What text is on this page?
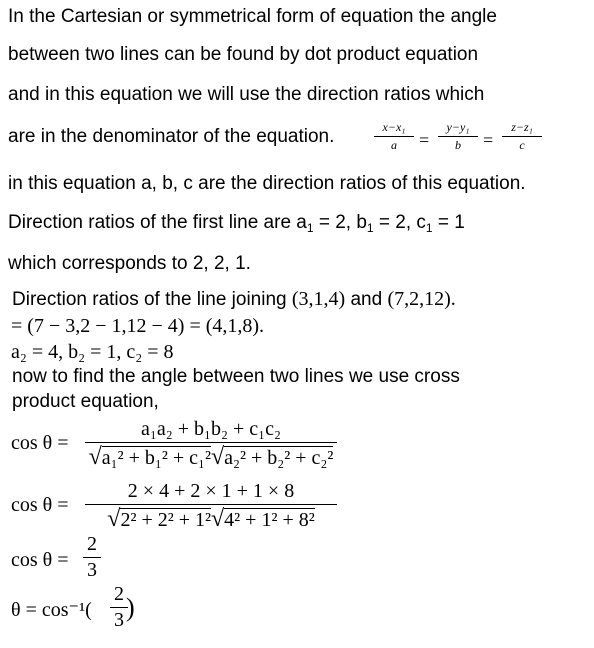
In the Cartesian or symmetrical form of equation the angle
between two lines can be found by dot product equation
and in this equation we will use the direction ratios which
are in the denominator of the equation.	x−x₁
a	=
y−y₁
b	=
z−z₁
c
in this equation a, b, c are the direction ratios of this equation.
Direction ratios of the first line are $a_1 = 2$, $b_1 = 2$, $c_1 = 1$
which corresponds to 2, 2, 1.
Direction ratios of the line joining (3,1,4) and (7,2,12).
= (7 − 3,2 − 1,12 − 4) = (4,1,8).
a₂ = 4, b₂ = 1, c₂ = 8
now to find the angle between two lines we use cross
product equation,
cos θ =
a₁a₂ + b₁b₂ + c₁c₂
√a₁² + b₁² + c₁²√a₂² + b₂² + c₂²
cos θ =
2 × 4 + 2 × 1 + 1 × 8
√2² + 2² + 1²√4² + 1² + 8²
cos θ =
2
3
θ = cos⁻¹(
2
3 )
